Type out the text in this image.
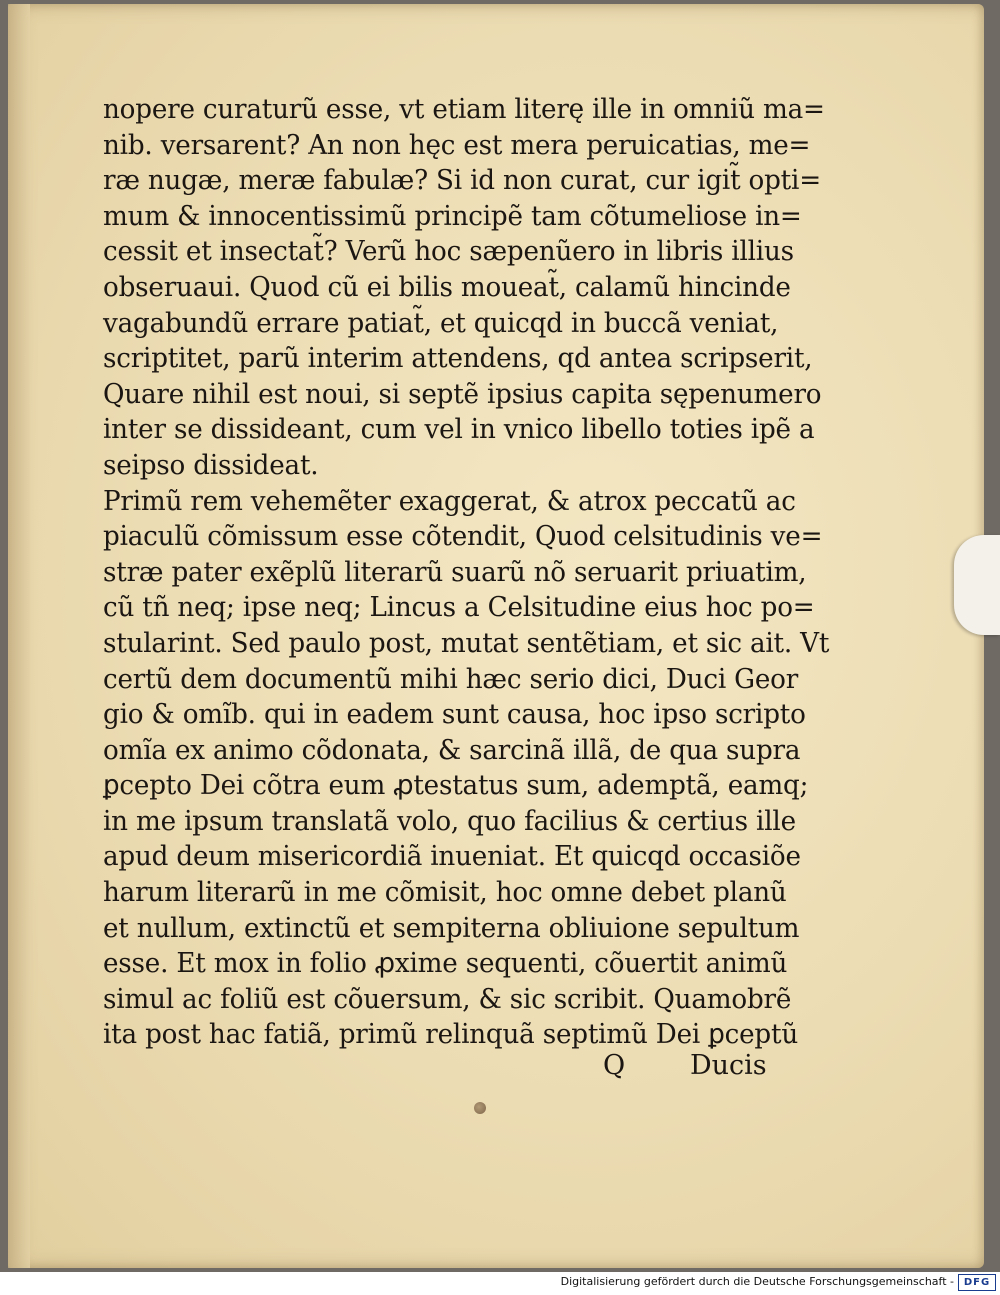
nopere curaturũ esse, vt etiam literę ille in omniũ ma=
nib. versarent? An non hęc est mera peruicatias, me=
ræ nugæ, meræ fabulæ? Si id non curat, cur igit̃ opti=
mum & innocentissimũ principẽ tam cõtumeliose in=
cessit et insectat̃? Verũ hoc sæpenũero in libris illius
obseruaui. Quod cũ ei bilis moueat̃, calamũ hincinde
vagabundũ errare patiat̃, et quicqd in buccã veniat,
scriptitet, parũ interim attendens, qd antea scripserit,
Quare nihil est noui, si septẽ ipsius capita sępenumero
inter se dissideant, cum vel in vnico libello toties ipẽ a
seipso dissideat.
Primũ rem vehemẽter exaggerat, & atrox peccatũ ac
piaculũ cõmissum esse cõtendit, Quod celsitudinis ve=
stræ pater exẽplũ literarũ suarũ nõ seruarit priuatim,
cũ tñ neq; ipse neq; Lincus a Celsitudine eius hoc po=
stularint. Sed paulo post, mutat sentẽtiam, et sic ait. Vt
certũ dem documentũ mihi hæc serio dici, Duci Geor
gio & omĩb. qui in eadem sunt causa, hoc ipso scripto
omĩa ex animo cõdonata, & sarcinã illã, de qua supra
ꝑcepto Dei cõtra eum ꝓtestatus sum, ademptã, eamq;
in me ipsum translatã volo, quo facilius & certius ille
apud deum misericordiã inueniat. Et quicqd occasiõe
harum literarũ in me cõmisit, hoc omne debet planũ
et nullum, extinctũ et sempiterna obliuione sepultum
esse. Et mox in folio ꝓxime sequenti, cõuertit animũ
simul ac foliũ est cõuersum, & sic scribit. Quamobrẽ
ita post hac fatiã, primũ relinquã septimũ Dei ꝑceptũ
Q Ducis
Digitalisierung gefördert durch die Deutsche Forschungsgemeinschaft - DFG
